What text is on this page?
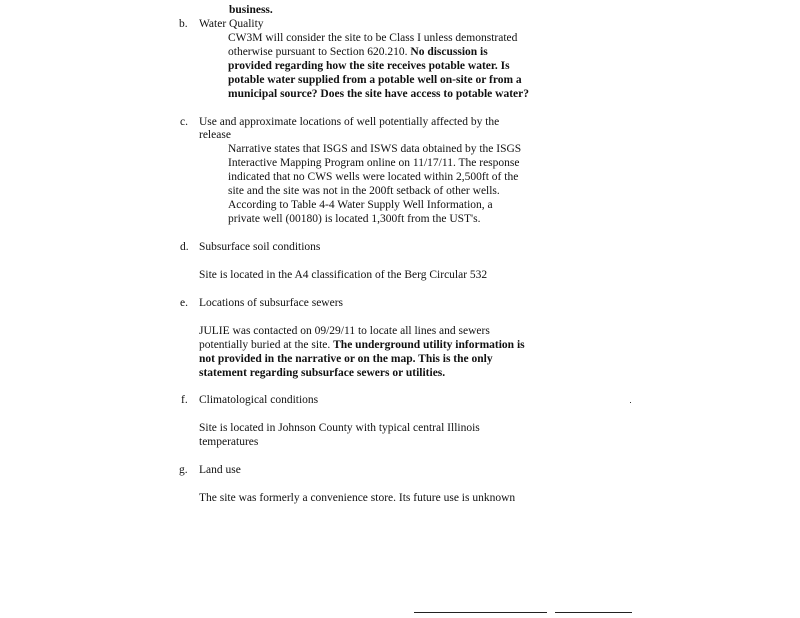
business.
b. Water Quality
CW3M will consider the site to be Class I unless demonstrated
otherwise pursuant to Section 620.210. No discussion is
provided regarding how the site receives potable water. Is
potable water supplied from a potable well on-site or from a
municipal source? Does the site have access to potable water?
c. Use and approximate locations of well potentially affected by the
release
Narrative states that ISGS and ISWS data obtained by the ISGS
Interactive Mapping Program online on 11/17/11. The response
indicated that no CWS wells were located within 2,500ft of the
site and the site was not in the 200ft setback of other wells.
According to Table 4-4 Water Supply Well Information, a
private well (00180) is located 1,300ft from the UST's.
d. Subsurface soil conditions
Site is located in the A4 classification of the Berg Circular 532
e. Locations of subsurface sewers
JULIE was contacted on 09/29/11 to locate all lines and sewers
potentially buried at the site. The underground utility information is
not provided in the narrative or on the map. This is the only
statement regarding subsurface sewers or utilities.
f. Climatological conditions
Site is located in Johnson County with typical central Illinois
temperatures
g. Land use
The site was formerly a convenience store. Its future use is unknown
